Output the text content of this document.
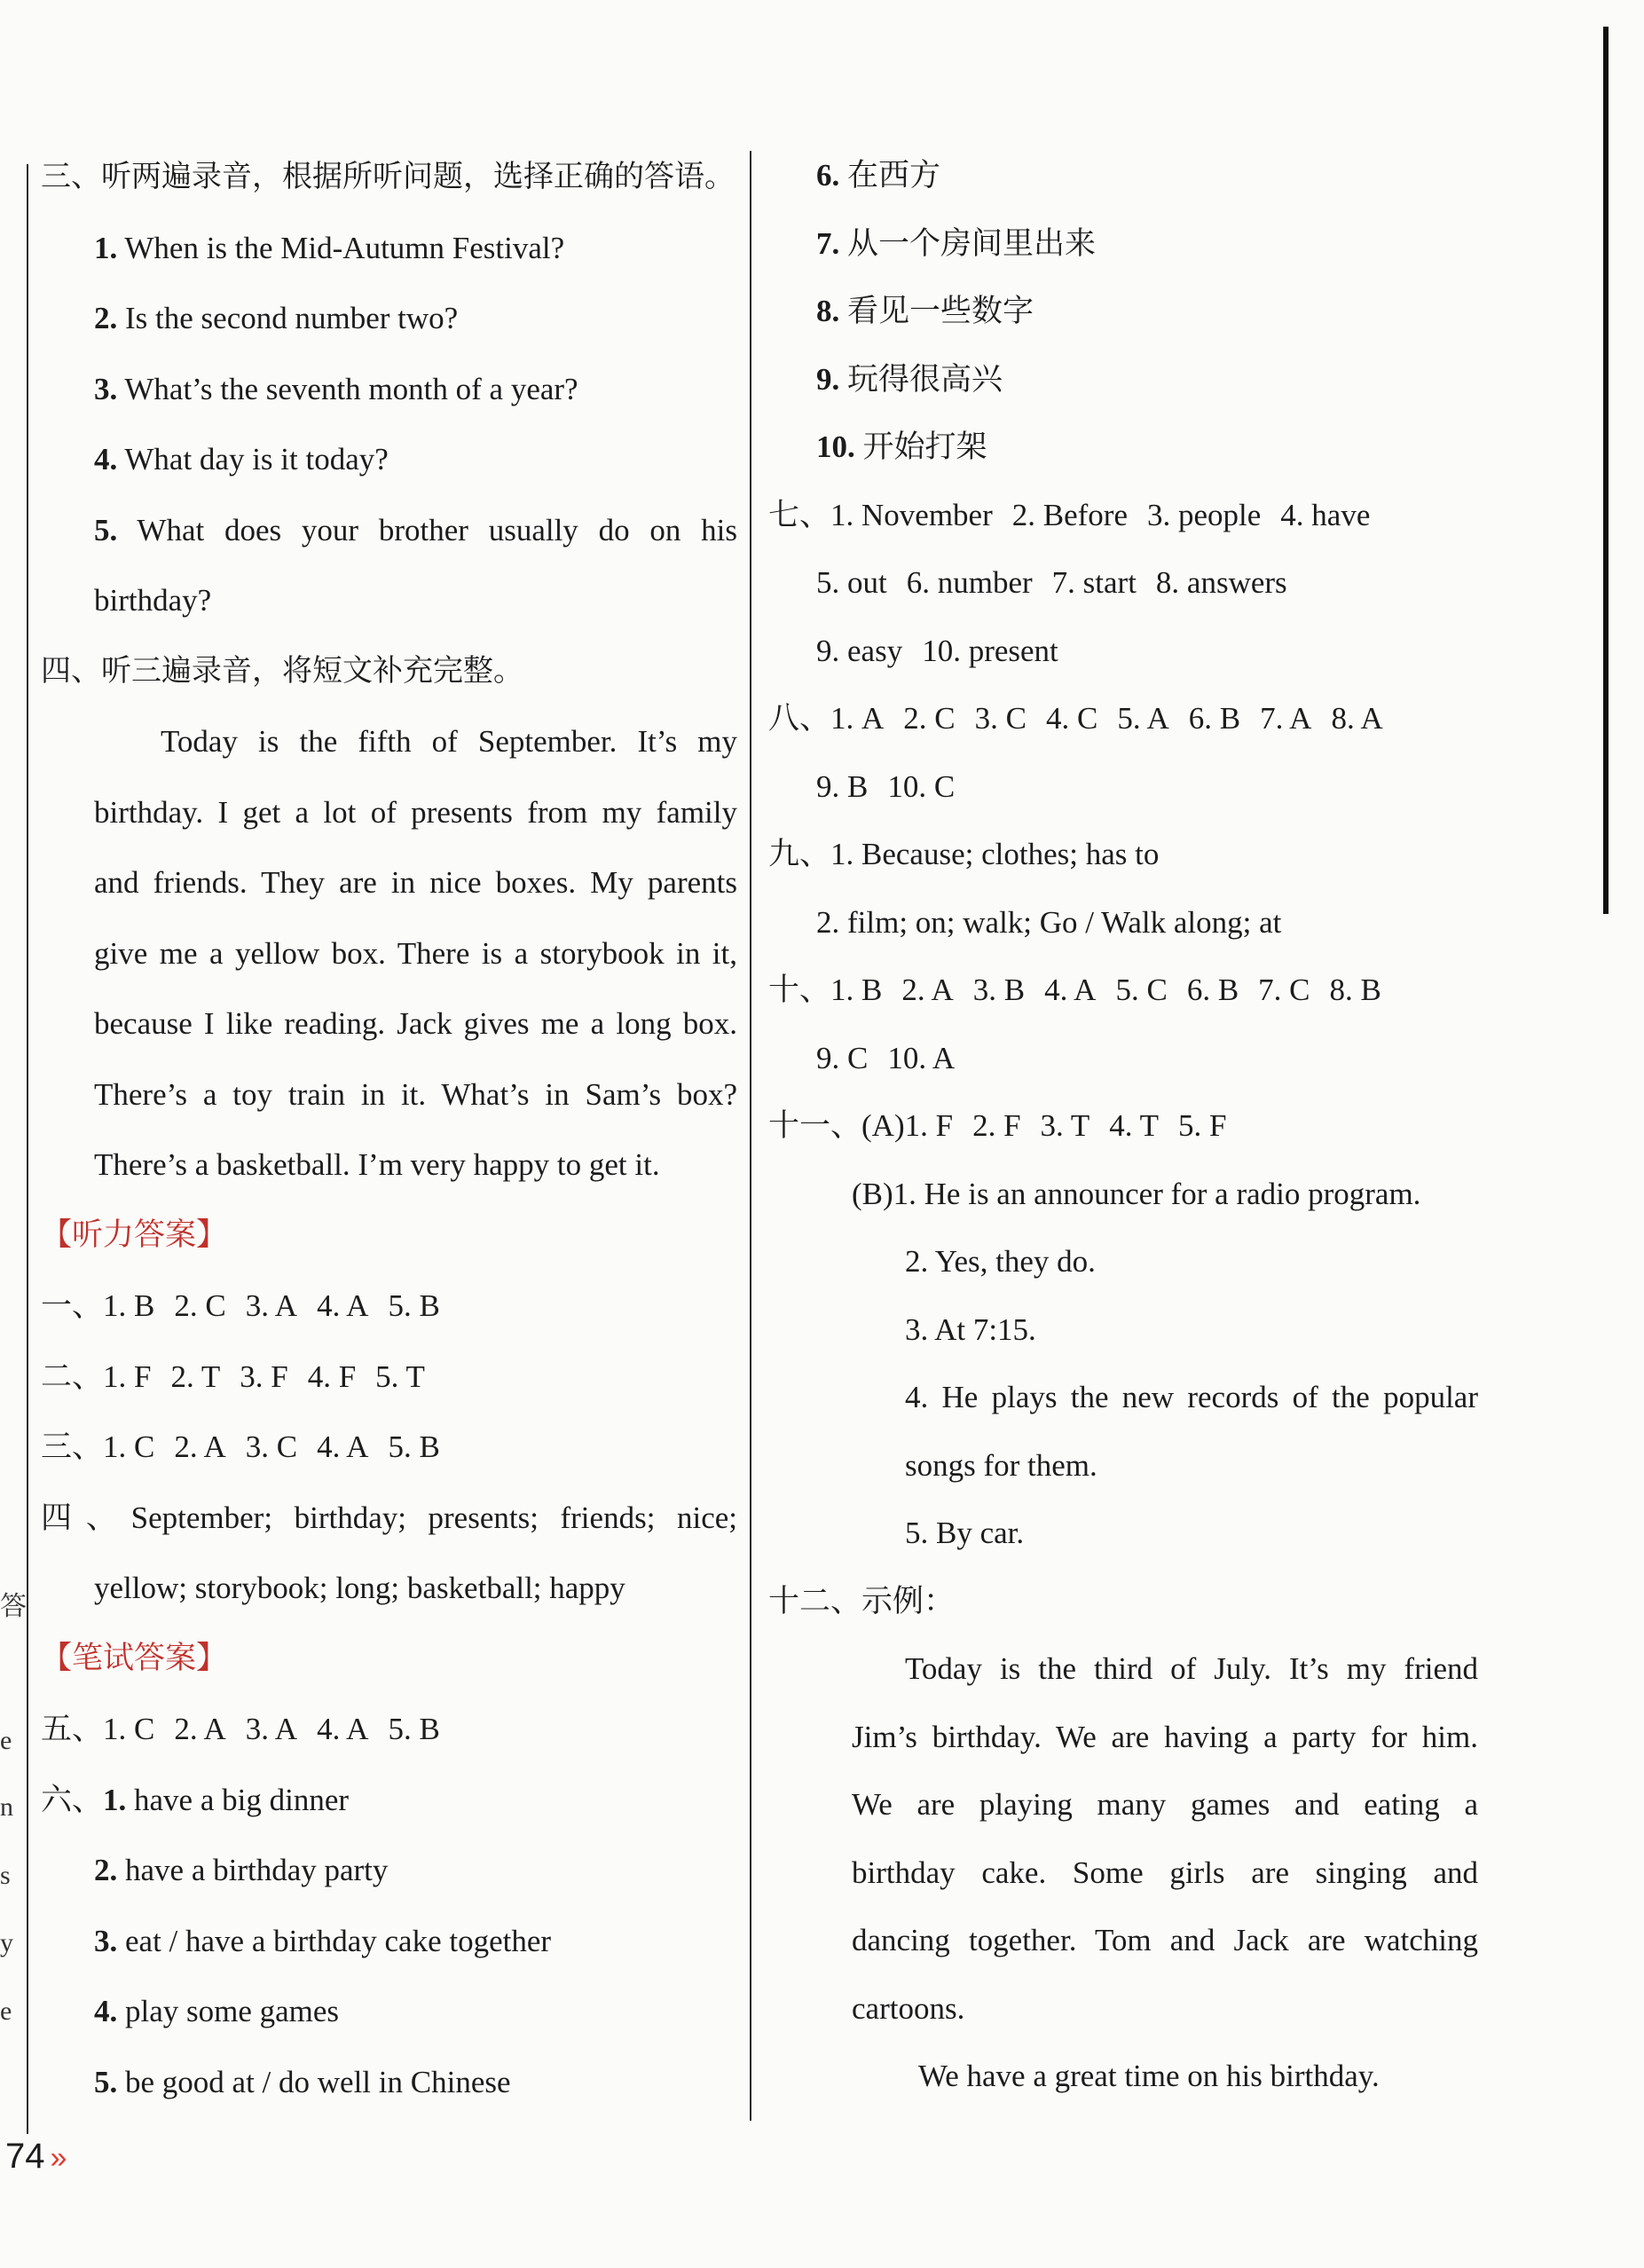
三、听两遍录音，根据所听问题，选择正确的答语。
1. When is the Mid-Autumn Festival?
2. Is the second number two?
3. What’s the seventh month of a year?
4. What day is it today?
5. What does your brother usually do on his
birthday?
四、听三遍录音，将短文补充完整。
Today is the fifth of September. It’s my
birthday. I get a lot of presents from my family
and friends. They are in nice boxes. My parents
give me a yellow box. There is a storybook in it,
because I like reading. Jack gives me a long box.
There’s a toy train in it. What’s in Sam’s box?
There’s a basketball. I’m very happy to get it.
【听力答案】
一、1. B 2. C 3. A 4. A 5. B
二、1. F 2. T 3. F 4. F 5. T
三、1. C 2. A 3. C 4. A 5. B
四、September; birthday; presents; friends; nice;
yellow; storybook; long; basketball; happy
【笔试答案】
五、1. C 2. A 3. A 4. A 5. B
六、1. have a big dinner
2. have a birthday party
3. eat / have a birthday cake together
4. play some games
5. be good at / do well in Chinese
6. 在西方
7. 从一个房间里出来
8. 看见一些数字
9. 玩得很高兴
10. 开始打架
七、1. November 2. Before 3. people 4. have
5. out 6. number 7. start 8. answers
9. easy 10. present
八、1. A 2. C 3. C 4. C 5. A 6. B 7. A 8. A
9. B 10. C
九、1. Because; clothes; has to
2. film; on; walk; Go / Walk along; at
十、1. B 2. A 3. B 4. A 5. C 6. B 7. C 8. B
9. C 10. A
十一、(A)1. F 2. F 3. T 4. T 5. F
(B)1. He is an announcer for a radio program.
2. Yes, they do.
3. At 7:15.
4. He plays the new records of the popular
songs for them.
5. By car.
十二、示例：
Today is the third of July. It’s my friend
Jim’s birthday. We are having a party for him.
We are playing many games and eating a
birthday cake. Some girls are singing and
dancing together. Tom and Jack are watching
cartoons.
We have a great time on his birthday.
答
e
n
s
y
e
74 »
